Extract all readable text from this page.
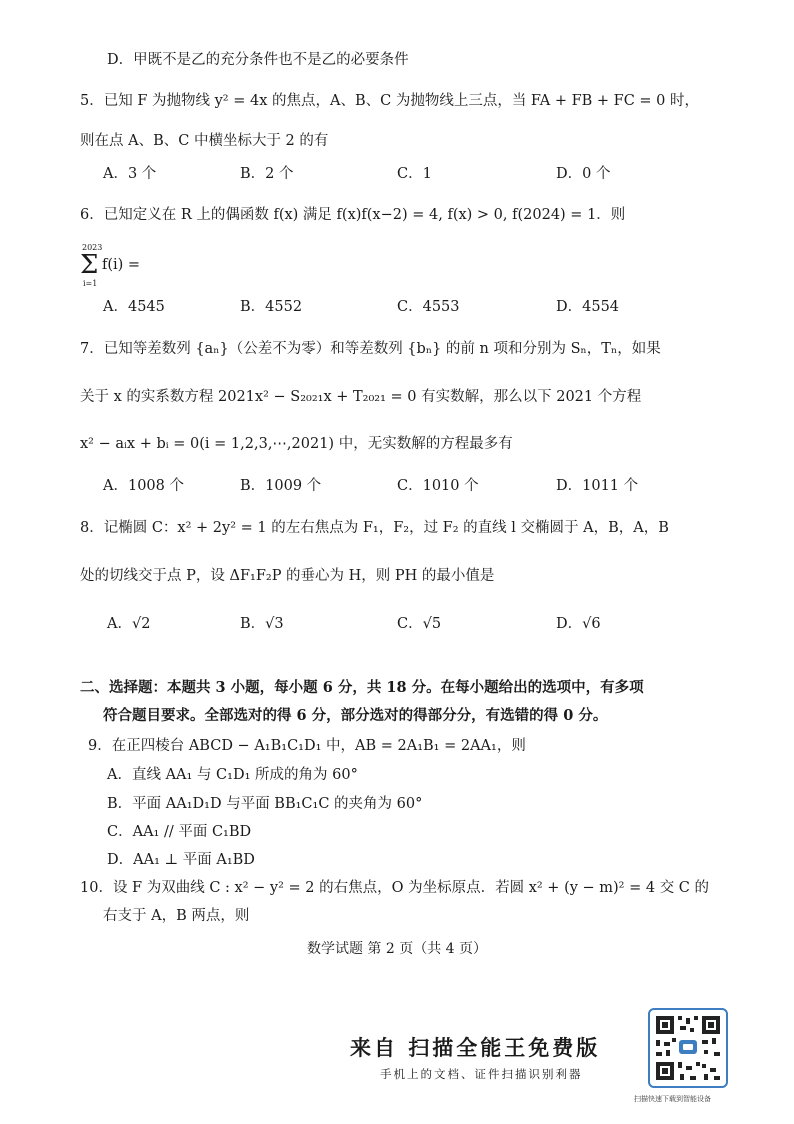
D．甲既不是乙的充分条件也不是乙的必要条件
5．已知 F 为抛物线 y² = 4x 的焦点，A、B、C 为抛物线上三点，当 FA + FB + FC = 0 时，
则在点 A、B、C 中横坐标大于 2 的有
A．3 个	B．2 个	C．1	D．0 个
6．已知定义在 R 上的偶函数 f(x) 满足 f(x)f(x−2) = 4, f(x) > 0, f(2024) = 1．则
2023
Σ
i=1
f(i) =
A．4545	B．4552	C．4553	D．4554
7．已知等差数列 {aₙ}（公差不为零）和等差数列 {bₙ} 的前 n 项和分别为 Sₙ，Tₙ，如果
关于 x 的实系数方程 2021x² − S₂₀₂₁x + T₂₀₂₁ = 0 有实数解，那么以下 2021 个方程
x² − aᵢx + bᵢ = 0(i = 1,2,3,⋯,2021) 中，无实数解的方程最多有
A．1008 个	B．1009 个	C．1010 个	D．1011 个
8．记椭圆 C：x² + 2y² = 1 的左右焦点为 F₁，F₂，过 F₂ 的直线 l 交椭圆于 A，B，A，B
处的切线交于点 P，设 ΔF₁F₂P 的垂心为 H，则 PH 的最小值是
A．√2	B．√3	C．√5	D．√6
二、选择题：本题共 3 小题，每小题 6 分，共 18 分。在每小题给出的选项中，有多项
符合题目要求。全部选对的得 6 分，部分选对的得部分分，有选错的得 0 分。
9．在正四棱台 ABCD − A₁B₁C₁D₁ 中，AB = 2A₁B₁ = 2AA₁，则
A．直线 AA₁ 与 C₁D₁ 所成的角为 60°
B．平面 AA₁D₁D 与平面 BB₁C₁C 的夹角为 60°
C．AA₁ // 平面 C₁BD
D．AA₁ ⊥ 平面 A₁BD
10．设 F 为双曲线 C : x² − y² = 2 的右焦点，O 为坐标原点．若圆 x² + (y − m)² = 4 交 C 的
右支于 A，B 两点，则
数学试题 第 2 页（共 4 页）
来自 扫描全能王免费版
手机上的文档、证件扫描识别利器
扫描快速下载到智能设备
